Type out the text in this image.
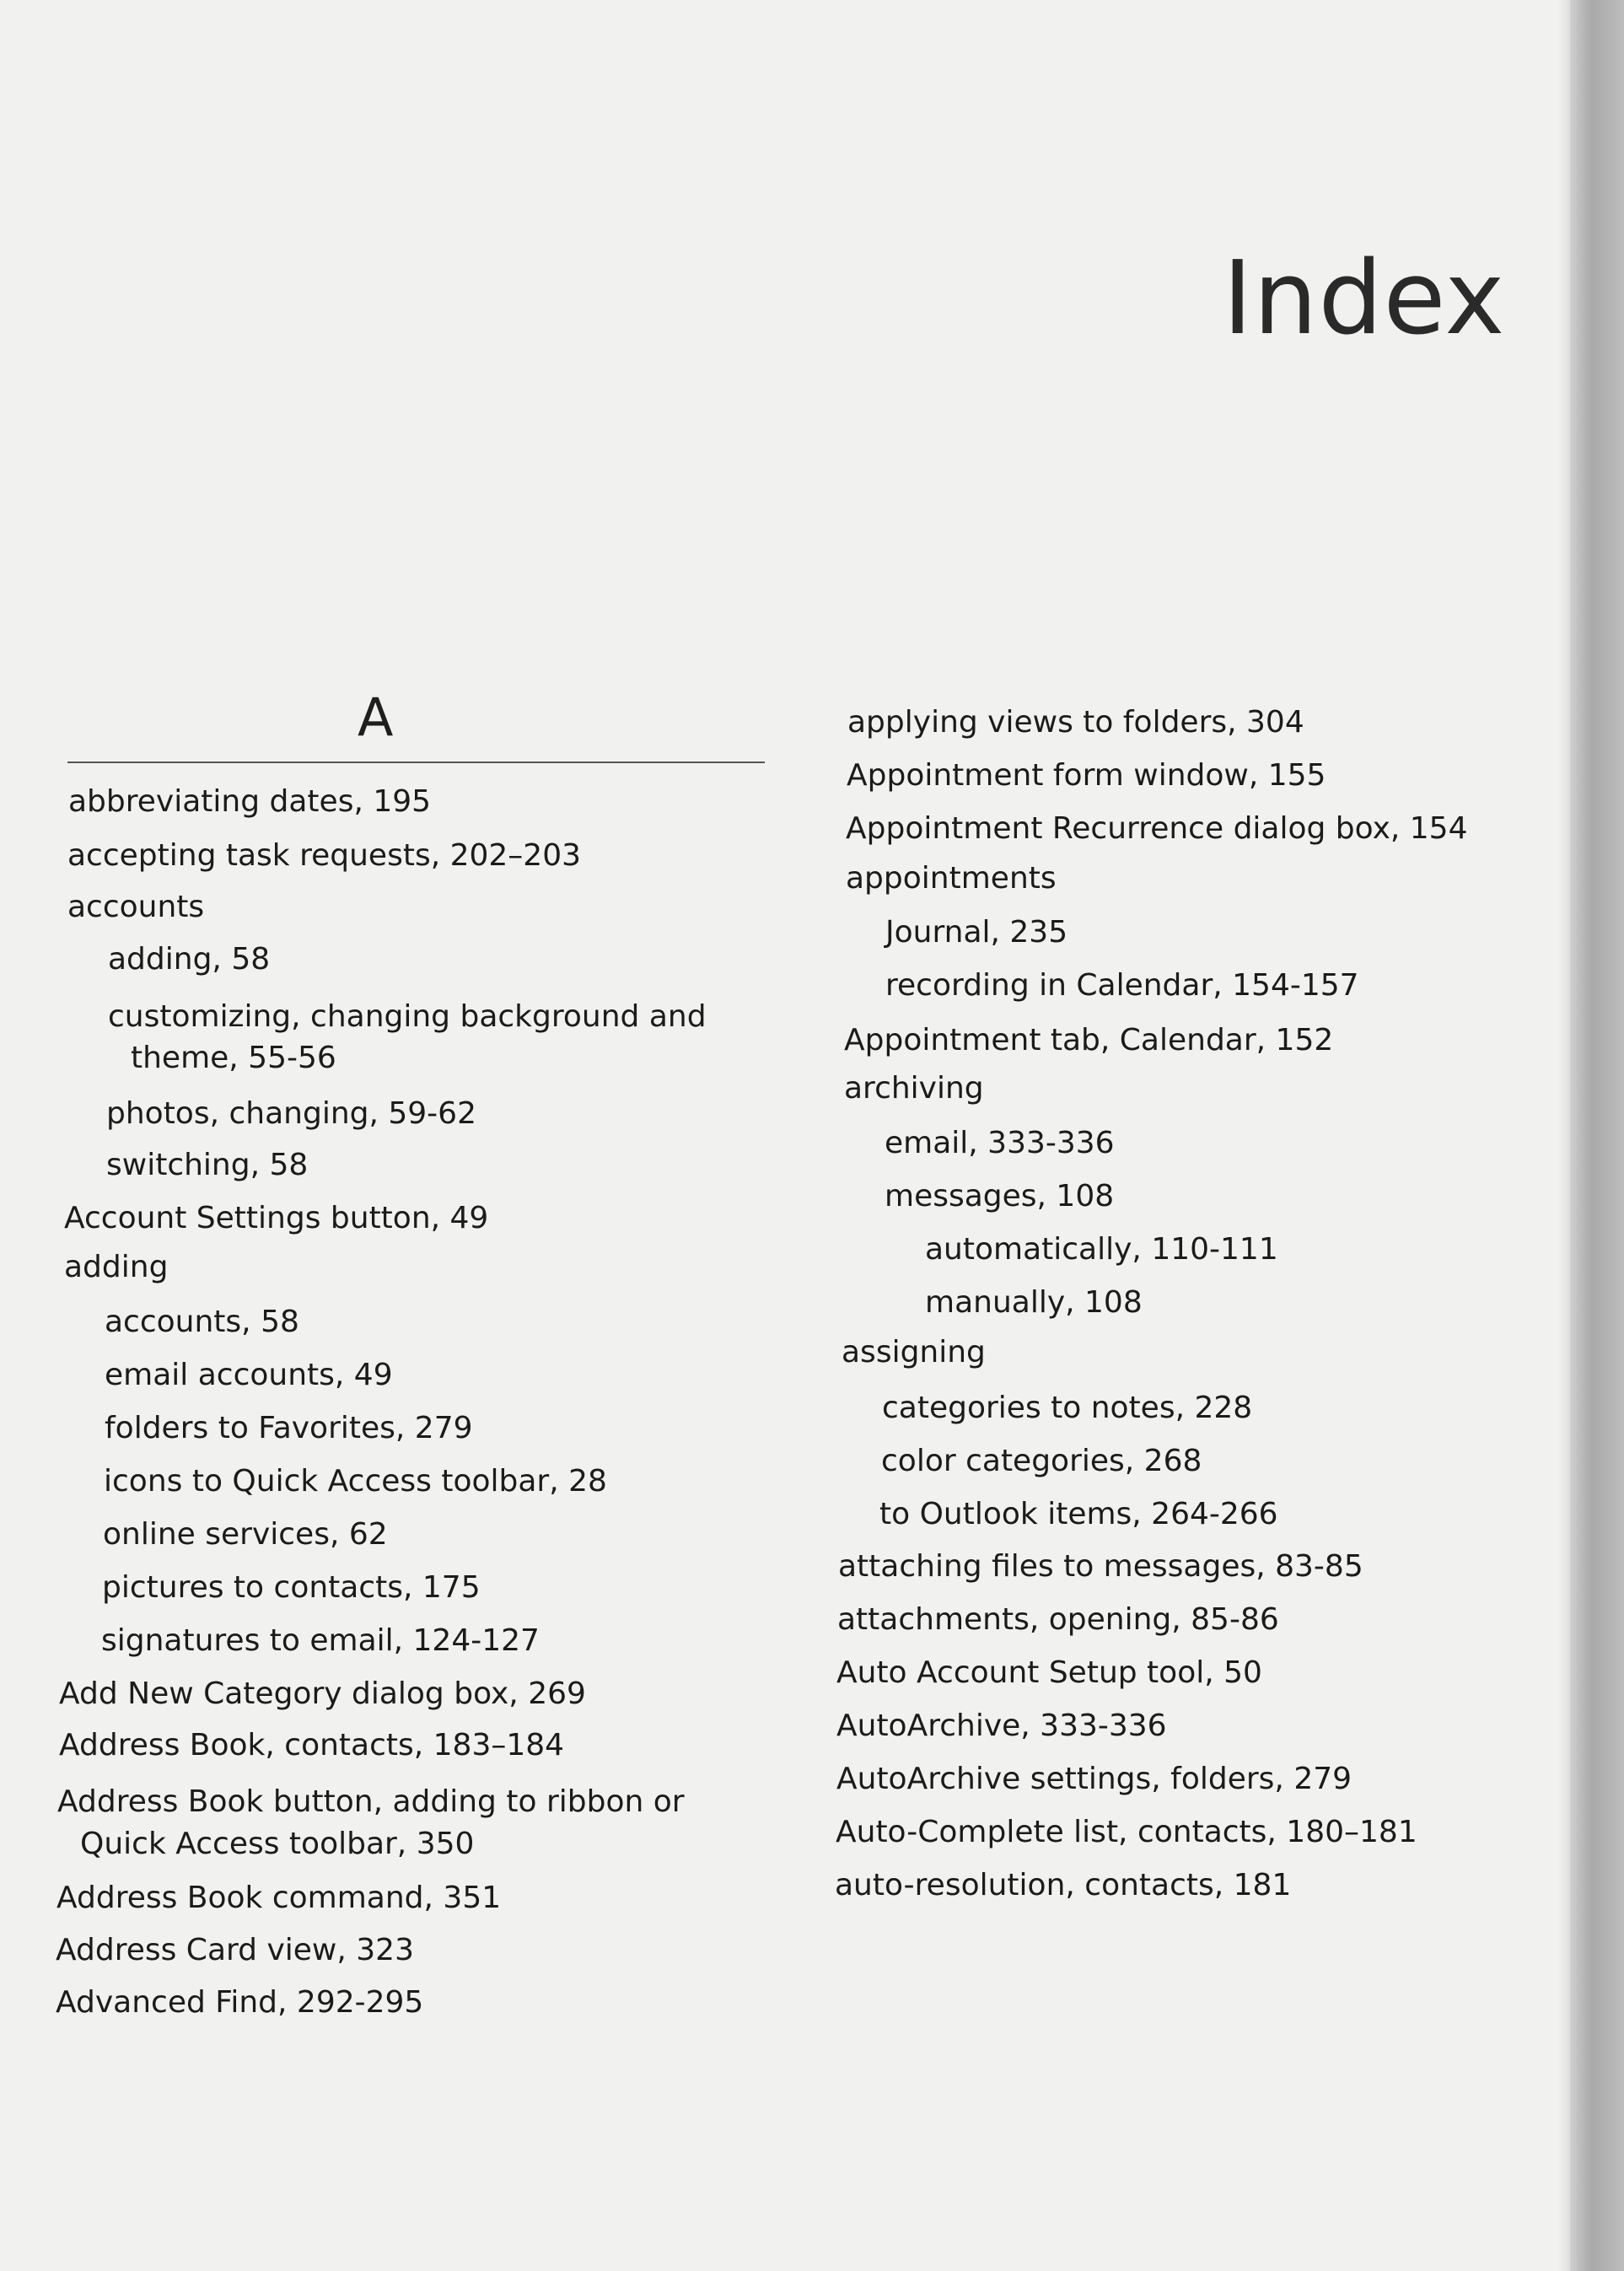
Index
A
abbreviating dates, 195
accepting task requests, 202–203
accounts
adding, 58
customizing, changing background and
theme, 55-56
photos, changing, 59-62
switching, 58
Account Settings button, 49
adding
accounts, 58
email accounts, 49
folders to Favorites, 279
icons to Quick Access toolbar, 28
online services, 62
pictures to contacts, 175
signatures to email, 124-127
Add New Category dialog box, 269
Address Book, contacts, 183–184
Address Book button, adding to ribbon or
Quick Access toolbar, 350
Address Book command, 351
Address Card view, 323
Advanced Find, 292-295
applying views to folders, 304
Appointment form window, 155
Appointment Recurrence dialog box, 154
appointments
Journal, 235
recording in Calendar, 154-157
Appointment tab, Calendar, 152
archiving
email, 333-336
messages, 108
automatically, 110-111
manually, 108
assigning
categories to notes, 228
color categories, 268
to Outlook items, 264-266
attaching files to messages, 83-85
attachments, opening, 85-86
Auto Account Setup tool, 50
AutoArchive, 333-336
AutoArchive settings, folders, 279
Auto-Complete list, contacts, 180–181
auto-resolution, contacts, 181
